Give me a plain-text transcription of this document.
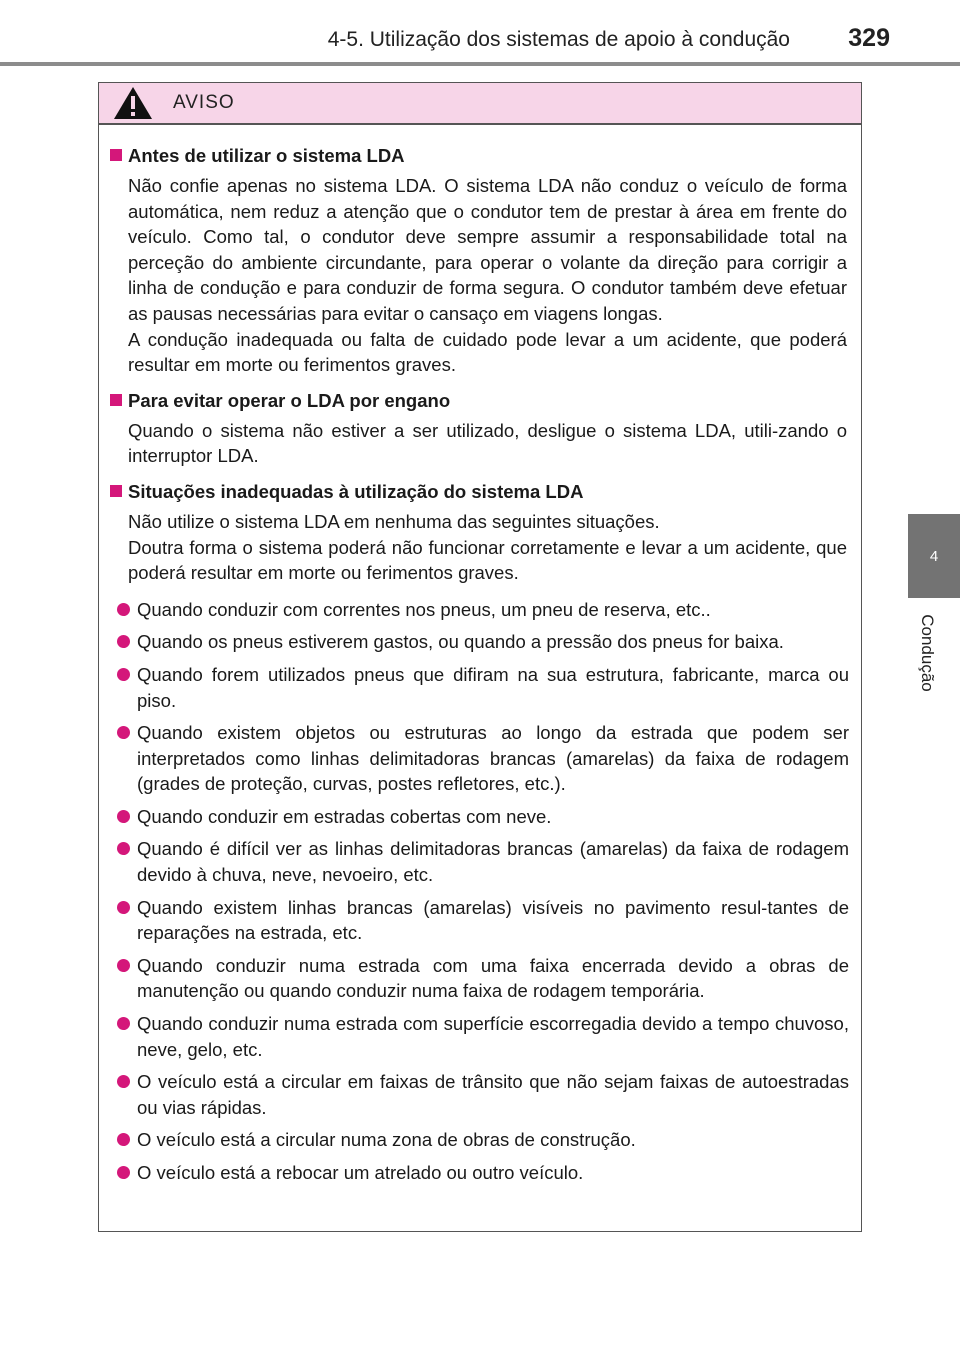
4-5. Utilização dos sistemas de apoio à condução 329
4
Condução
AVISO
Antes de utilizar o sistema LDA
Não confie apenas no sistema LDA. O sistema LDA não conduz o veículo de forma automática, nem reduz a atenção que o condutor tem de prestar à área em frente do veículo. Como tal, o condutor deve sempre assumir a responsabilidade total na perceção do ambiente circundante, para operar o volante da direção para corrigir a linha de condução e para conduzir de forma segura. O condutor também deve efetuar as pausas necessárias para evitar o cansaço em viagens longas.
A condução inadequada ou falta de cuidado pode levar a um acidente, que poderá resultar em morte ou ferimentos graves.
Para evitar operar o LDA por engano
Quando o sistema não estiver a ser utilizado, desligue o sistema LDA, utili-zando o interruptor LDA.
Situações inadequadas à utilização do sistema LDA
Não utilize o sistema LDA em nenhuma das seguintes situações.
Doutra forma o sistema poderá não funcionar corretamente e levar a um acidente, que poderá resultar em morte ou ferimentos graves.
Quando conduzir com correntes nos pneus, um pneu de reserva, etc..
Quando os pneus estiverem gastos, ou quando a pressão dos pneus for baixa.
Quando forem utilizados pneus que difiram na sua estrutura, fabricante, marca ou piso.
Quando existem objetos ou estruturas ao longo da estrada que podem ser interpretados como linhas delimitadoras brancas (amarelas) da faixa de rodagem (grades de proteção, curvas, postes refletores, etc.).
Quando conduzir em estradas cobertas com neve.
Quando é difícil ver as linhas delimitadoras brancas (amarelas) da faixa de rodagem devido à chuva, neve, nevoeiro, etc.
Quando existem linhas brancas (amarelas) visíveis no pavimento resul-tantes de reparações na estrada, etc.
Quando conduzir numa estrada com uma faixa encerrada devido a obras de manutenção ou quando conduzir numa faixa de rodagem temporária.
Quando conduzir numa estrada com superfície escorregadia devido a tempo chuvoso, neve, gelo, etc.
O veículo está a circular em faixas de trânsito que não sejam faixas de autoestradas ou vias rápidas.
O veículo está a circular numa zona de obras de construção.
O veículo está a rebocar um atrelado ou outro veículo.
